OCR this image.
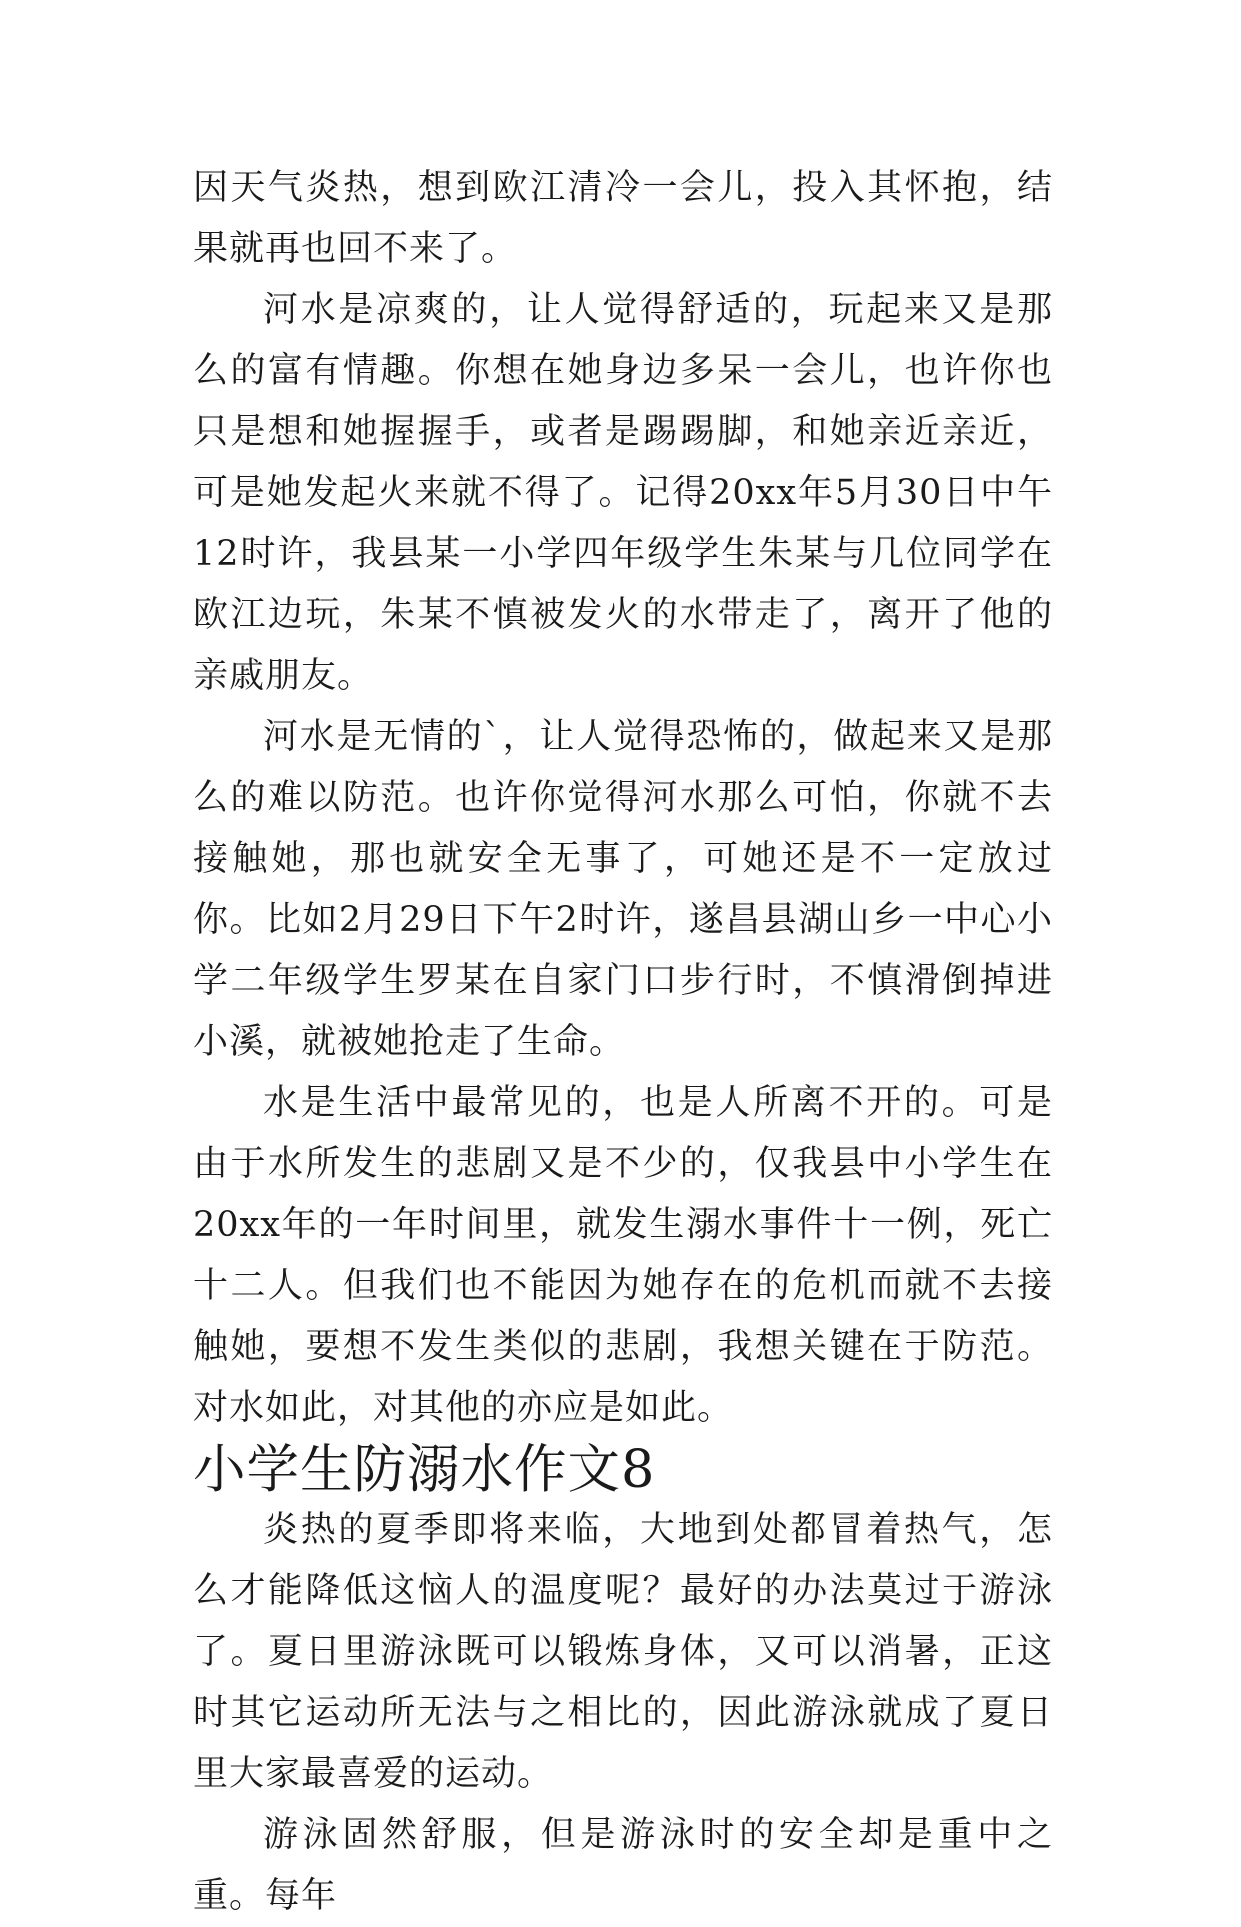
因天气炎热，想到欧江清冷一会儿，投入其怀抱，结果就再也回不来了。

河水是凉爽的，让人觉得舒适的，玩起来又是那么的富有情趣。你想在她身边多呆一会儿，也许你也只是想和她握握手，或者是踢踢脚，和她亲近亲近，可是她发起火来就不得了。记得20xx年5月30日中午12时许，我县某一小学四年级学生朱某与几位同学在欧江边玩，朱某不慎被发火的水带走了，离开了他的亲戚朋友。

河水是无情的`，让人觉得恐怖的，做起来又是那么的难以防范。也许你觉得河水那么可怕，你就不去接触她，那也就安全无事了，可她还是不一定放过你。比如2月29日下午2时许，遂昌县湖山乡一中心小学二年级学生罗某在自家门口步行时，不慎滑倒掉进小溪，就被她抢走了生命。

水是生活中最常见的，也是人所离不开的。可是由于水所发生的悲剧又是不少的，仅我县中小学生在20xx年的一年时间里，就发生溺水事件十一例，死亡十二人。但我们也不能因为她存在的危机而就不去接触她，要想不发生类似的悲剧，我想关键在于防范。对水如此，对其他的亦应是如此。

小学生防溺水作文8

炎热的夏季即将来临，大地到处都冒着热气，怎么才能降低这恼人的温度呢？最好的办法莫过于游泳了。夏日里游泳既可以锻炼身体，又可以消暑，正这时其它运动所无法与之相比的，因此游泳就成了夏日里大家最喜爱的运动。

游泳固然舒服，但是游泳时的安全却是重中之重。每年
